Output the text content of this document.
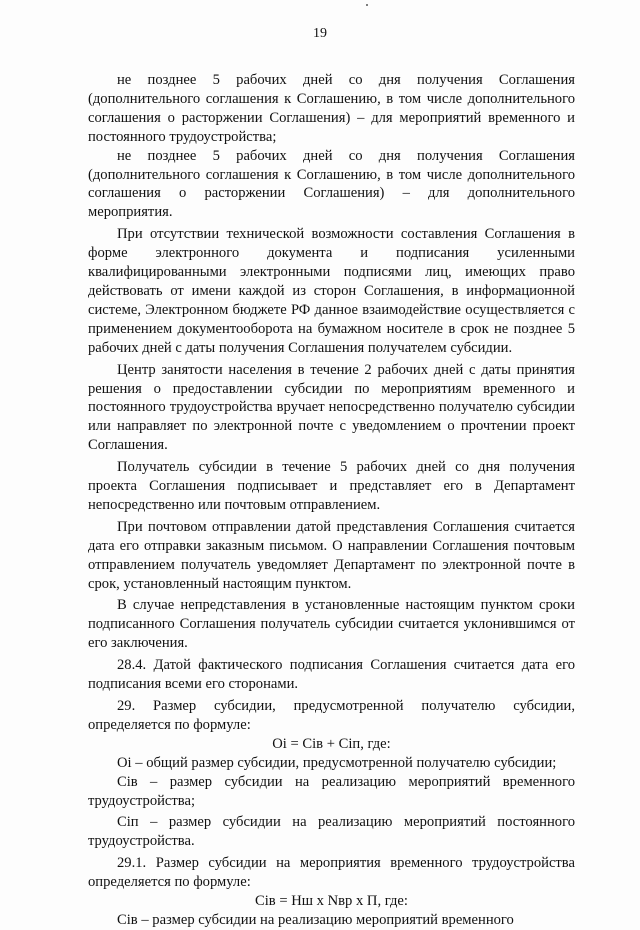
19

не позднее 5 рабочих дней со дня получения Соглашения (дополнительного соглашения к Соглашению, в том числе дополнительного соглашения о расторжении Соглашения) – для мероприятий временного и постоянного трудоустройства;

не позднее 5 рабочих дней со дня получения Соглашения (дополнительного соглашения к Соглашению, в том числе дополнительного соглашения о расторжении Соглашения) – для дополнительного мероприятия.

При отсутствии технической возможности составления Соглашения в форме электронного документа и подписания усиленными квалифицированными электронными подписями лиц, имеющих право действовать от имени каждой из сторон Соглашения, в информационной системе, Электронном бюджете РФ данное взаимодействие осуществляется с применением документооборота на бумажном носителе в срок не позднее 5 рабочих дней с даты получения Соглашения получателем субсидии.

Центр занятости населения в течение 2 рабочих дней с даты принятия решения о предоставлении субсидии по мероприятиям временного и постоянного трудоустройства вручает непосредственно получателю субсидии или направляет по электронной почте с уведомлением о прочтении проект Соглашения.

Получатель субсидии в течение 5 рабочих дней со дня получения проекта Соглашения подписывает и представляет его в Департамент непосредственно или почтовым отправлением.

При почтовом отправлении датой представления Соглашения считается дата его отправки заказным письмом. О направлении Соглашения почтовым отправлением получатель уведомляет Департамент по электронной почте в срок, установленный настоящим пунктом.

В случае непредставления в установленные настоящим пунктом сроки подписанного Соглашения получатель субсидии считается уклонившимся от его заключения.

28.4. Датой фактического подписания Соглашения считается дата его подписания всеми его сторонами.

29. Размер субсидии, предусмотренной получателю субсидии, определяется по формуле:

Oi = Ciв + Ciп, где:

Oi – общий размер субсидии, предусмотренной получателю субсидии;

Ciв – размер субсидии на реализацию мероприятий временного трудоустройства;

Ciп – размер субсидии на реализацию мероприятий постоянного трудоустройства.

29.1. Размер субсидии на мероприятия временного трудоустройства определяется по формуле:

Ciв = Hш x Nвр x П, где:

Ciв – размер субсидии на реализацию мероприятий временного
